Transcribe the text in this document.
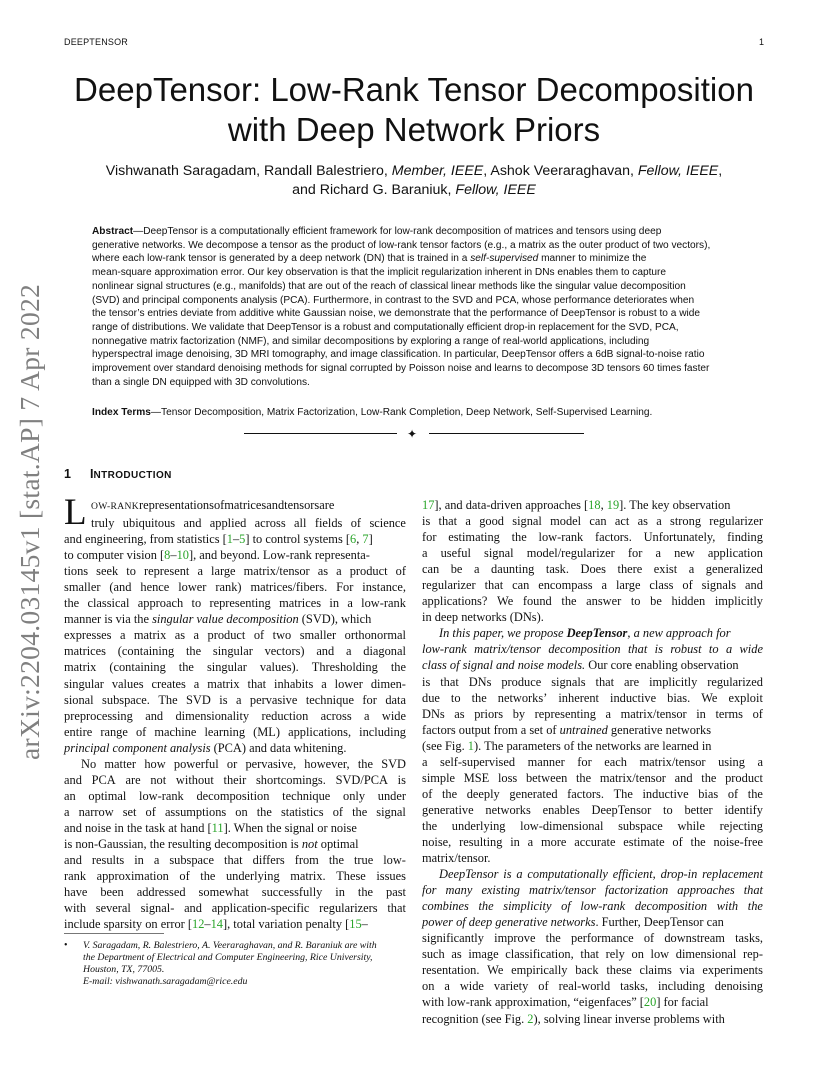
DEEPTENSOR	1
arXiv:2204.03145v1 [stat.AP] 7 Apr 2022
DeepTensor: Low-Rank Tensor Decomposition
with Deep Network Priors
Vishwanath Saragadam, Randall Balestriero, Member, IEEE, Ashok Veeraraghavan, Fellow, IEEE,
and Richard G. Baraniuk, Fellow, IEEE
Abstract—DeepTensor is a computationally efficient framework for low-rank decomposition of matrices and tensors using deep
generative networks. We decompose a tensor as the product of low-rank tensor factors (e.g., a matrix as the outer product of two vectors),
where each low-rank tensor is generated by a deep network (DN) that is trained in a self-supervised manner to minimize the
mean-square approximation error. Our key observation is that the implicit regularization inherent in DNs enables them to capture
nonlinear signal structures (e.g., manifolds) that are out of the reach of classical linear methods like the singular value decomposition
(SVD) and principal components analysis (PCA). Furthermore, in contrast to the SVD and PCA, whose performance deteriorates when
the tensor’s entries deviate from additive white Gaussian noise, we demonstrate that the performance of DeepTensor is robust to a wide
range of distributions. We validate that DeepTensor is a robust and computationally efficient drop-in replacement for the SVD, PCA,
nonnegative matrix factorization (NMF), and similar decompositions by exploring a range of real-world applications, including
hyperspectral image denoising, 3D MRI tomography, and image classification. In particular, DeepTensor offers a 6dB signal-to-noise ratio
improvement over standard denoising methods for signal corrupted by Poisson noise and learns to decompose 3D tensors 60 times faster
than a single DN equipped with 3D convolutions.
Index Terms—Tensor Decomposition, Matrix Factorization, Low-Rank Completion, Deep Network, Self-Supervised Learning.
✦
1 INTRODUCTION
L OW-RANKrepresentationsofmatricesandtensorsare
truly ubiquitous and applied across all fields of science
and engineering, from statistics [1–5] to control systems [6, 7]
to computer vision [8–10], and beyond. Low-rank representa-
tions seek to represent a large matrix/tensor as a product of
smaller (and hence lower rank) matrices/fibers. For instance,
the classical approach to representing matrices in a low-rank
manner is via the singular value decomposition (SVD), which
expresses a matrix as a product of two smaller orthonormal
matrices (containing the singular vectors) and a diagonal
matrix (containing the singular values). Thresholding the
singular values creates a matrix that inhabits a lower dimen-
sional subspace. The SVD is a pervasive technique for data
preprocessing and dimensionality reduction across a wide
entire range of machine learning (ML) applications, including
principal component analysis (PCA) and data whitening.
No matter how powerful or pervasive, however, the SVD
and PCA are not without their shortcomings. SVD/PCA is
an optimal low-rank decomposition technique only under
a narrow set of assumptions on the statistics of the signal
and noise in the task at hand [11]. When the signal or noise
is non-Gaussian, the resulting decomposition is not optimal
and results in a subspace that differs from the true low-
rank approximation of the underlying matrix. These issues
have been addressed somewhat successfully in the past
with several signal- and application-specific regularizers that
include sparsity on error [12–14], total variation penalty [15–
17], and data-driven approaches [18, 19]. The key observation
is that a good signal model can act as a strong regularizer
for estimating the low-rank factors. Unfortunately, finding
a useful signal model/regularizer for a new application
can be a daunting task. Does there exist a generalized
regularizer that can encompass a large class of signals and
applications? We found the answer to be hidden implicitly
in deep networks (DNs).
In this paper, we propose DeepTensor, a new approach for
low-rank matrix/tensor decomposition that is robust to a wide
class of signal and noise models. Our core enabling observation
is that DNs produce signals that are implicitly regularized
due to the networks’ inherent inductive bias. We exploit
DNs as priors by representing a matrix/tensor in terms of
factors output from a set of untrained generative networks
(see Fig. 1). The parameters of the networks are learned in
a self-supervised manner for each matrix/tensor using a
simple MSE loss between the matrix/tensor and the product
of the deeply generated factors. The inductive bias of the
generative networks enables DeepTensor to better identify
the underlying low-dimensional subspace while rejecting
noise, resulting in a more accurate estimate of the noise-free
matrix/tensor.
DeepTensor is a computationally efficient, drop-in replacement
for many existing matrix/tensor factorization approaches that
combines the simplicity of low-rank decomposition with the
power of deep generative networks. Further, DeepTensor can
significantly improve the performance of downstream tasks,
such as image classification, that rely on low dimensional rep-
resentation. We empirically back these claims via experiments
on a wide variety of real-world tasks, including denoising
with low-rank approximation, “eigenfaces” [20] for facial
recognition (see Fig. 2), solving linear inverse problems with
• V. Saragadam, R. Balestriero, A. Veeraraghavan, and R. Baraniuk are with
the Department of Electrical and Computer Engineering, Rice University,
Houston, TX, 77005.
E-mail: vishwanath.saragadam@rice.edu
